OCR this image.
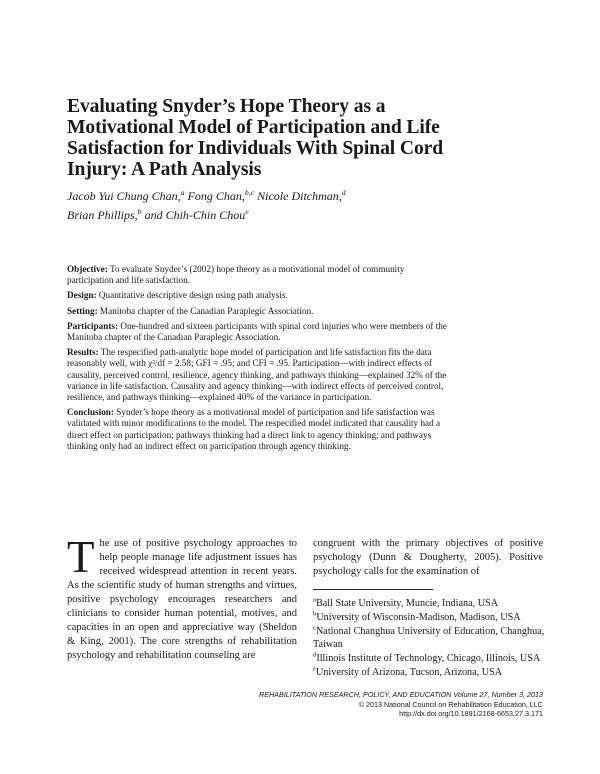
Evaluating Snyder’s Hope Theory as a Motivational Model of Participation and Life Satisfaction for Individuals With Spinal Cord Injury: A Path Analysis
Jacob Yui Chung Chan,$^a$ Fong Chan,$^{b,c}$ Nicole Ditchman,$^d$
Brian Phillips,$^b$ and Chih-Chin Chou$^e$

Objective: To evaluate Snyder’s (2002) hope theory as a motivational model of community participation and life satisfaction.

Design: Quantitative descriptive design using path analysis.

Setting: Manitoba chapter of the Canadian Paraplegic Association.

Participants: One-hundred and sixteen participants with spinal cord injuries who were members of the Manitoba chapter of the Canadian Paraplegic Association.

Results: The respecified path-analytic hope model of participation and life satisfaction fits the data reasonably well, with χ²/df = 2.58; GFI = .95; and CFI = .95. Participation—with indirect effects of causality, perceived control, resilience, agency thinking, and pathways thinking—explained 32% of the variance in life satisfaction. Causality and agency thinking—with indirect effects of perceived control, resilience, and pathways thinking—explained 40% of the variance in participation.

Conclusion: Synder’s hope theory as a motivational model of participation and life satisfaction was validated with minor modifications to the model. The respecified model indicated that causality had a direct effect on participation; pathways thinking had a direct link to agency thinking; and pathways thinking only had an indirect effect on participation through agency thinking.

The use of positive psychology approaches to help people manage life adjustment issues has received widespread attention in recent years. As the scientific study of human strengths and virtues, positive psychology encourages researchers and clinicians to consider human potential, motives, and capacities in an open and appreciative way (Sheldon & King, 2001). The core strengths of rehabilitation psychology and rehabilitation counseling are
congruent with the primary objectives of positive psychology (Dunn & Dougherty, 2005). Positive psychology calls for the examination of
$^a$Ball State University, Muncie, Indiana, USA
$^b$University of Wisconsin-Madison, Madison, USA
$^c$National Changhua University of Education, Changhua, Taiwan
$^d$Illinois Institute of Technology, Chicago, Illinois, USA
$^e$University of Arizona, Tucson, Arizona, USA
REHABILITATION RESEARCH, POLICY, AND EDUCATION Volume 27, Number 3, 2013
© 2013 National Council on Rehabilitation Education, LLC
http://dx.doi.org/10.1891/2168-6653.27.3.171
